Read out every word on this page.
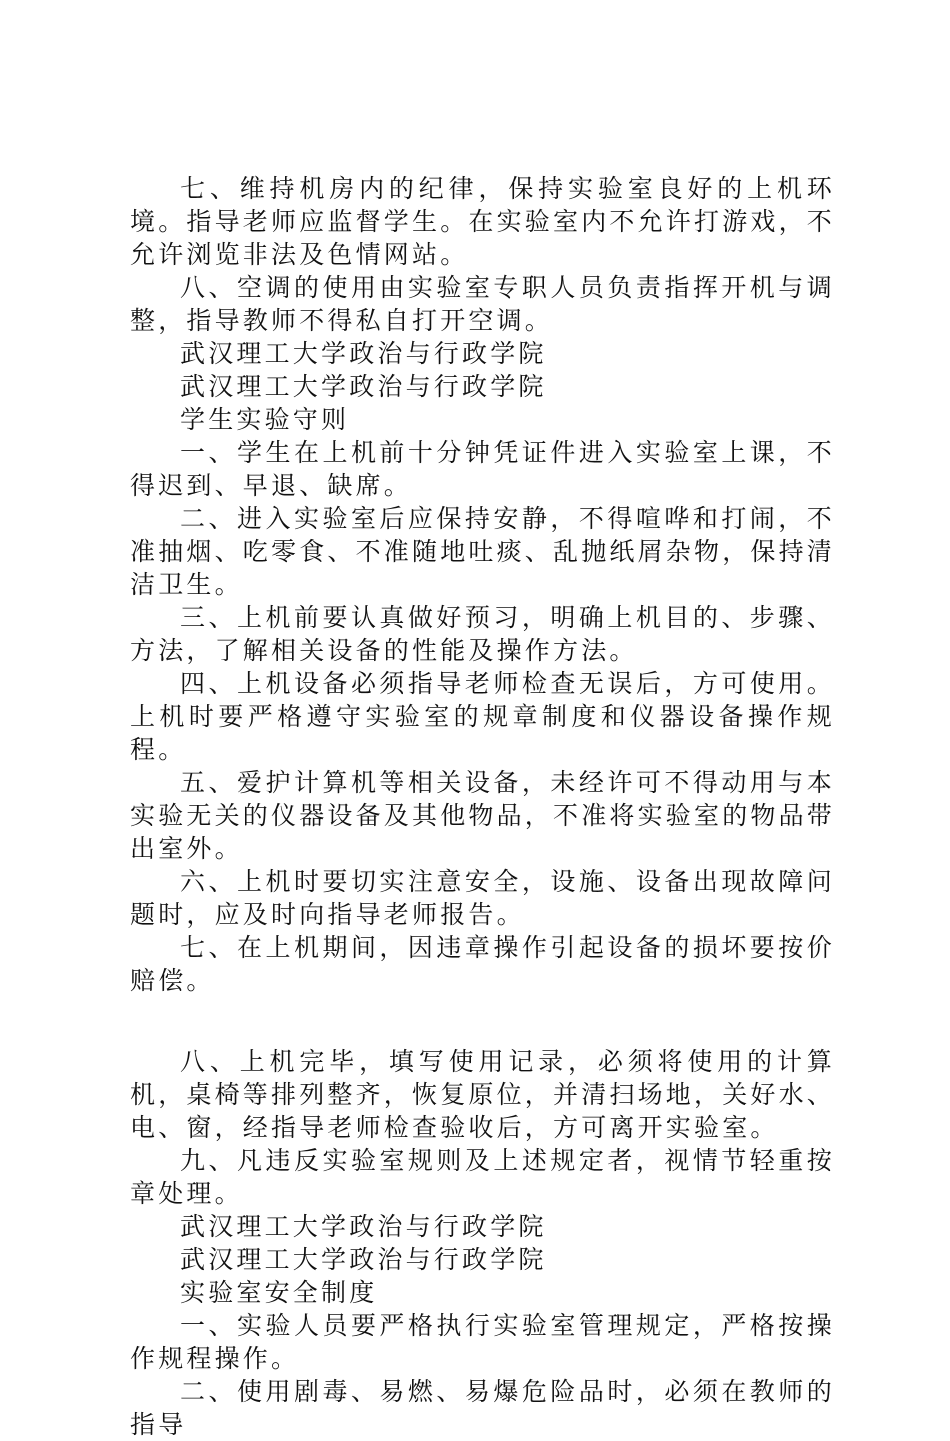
七、维持机房内的纪律，保持实验室良好的上机环境。指导老师应监督学生。在实验室内不允许打游戏，不允许浏览非法及色情网站。

八、空调的使用由实验室专职人员负责指挥开机与调整，指导教师不得私自打开空调。

武汉理工大学政治与行政学院

武汉理工大学政治与行政学院

学生实验守则

一、学生在上机前十分钟凭证件进入实验室上课，不得迟到、早退、缺席。

二、进入实验室后应保持安静，不得喧哗和打闹，不准抽烟、吃零食、不准随地吐痰、乱抛纸屑杂物，保持清洁卫生。

三、上机前要认真做好预习，明确上机目的、步骤、方法，了解相关设备的性能及操作方法。

四、上机设备必须指导老师检查无误后，方可使用。上机时要严格遵守实验室的规章制度和仪器设备操作规程。

五、爱护计算机等相关设备，未经许可不得动用与本实验无关的仪器设备及其他物品，不准将实验室的物品带出室外。

六、上机时要切实注意安全，设施、设备出现故障问题时，应及时向指导老师报告。

七、在上机期间，因违章操作引起设备的损坏要按价赔偿。

八、上机完毕，填写使用记录，必须将使用的计算机，桌椅等排列整齐，恢复原位，并清扫场地，关好水、电、窗，经指导老师检查验收后，方可离开实验室。

九、凡违反实验室规则及上述规定者，视情节轻重按章处理。

武汉理工大学政治与行政学院

武汉理工大学政治与行政学院

实验室安全制度

一、实验人员要严格执行实验室管理规定，严格按操作规程操作。

二、使用剧毒、易燃、易爆危险品时，必须在教师的指导
